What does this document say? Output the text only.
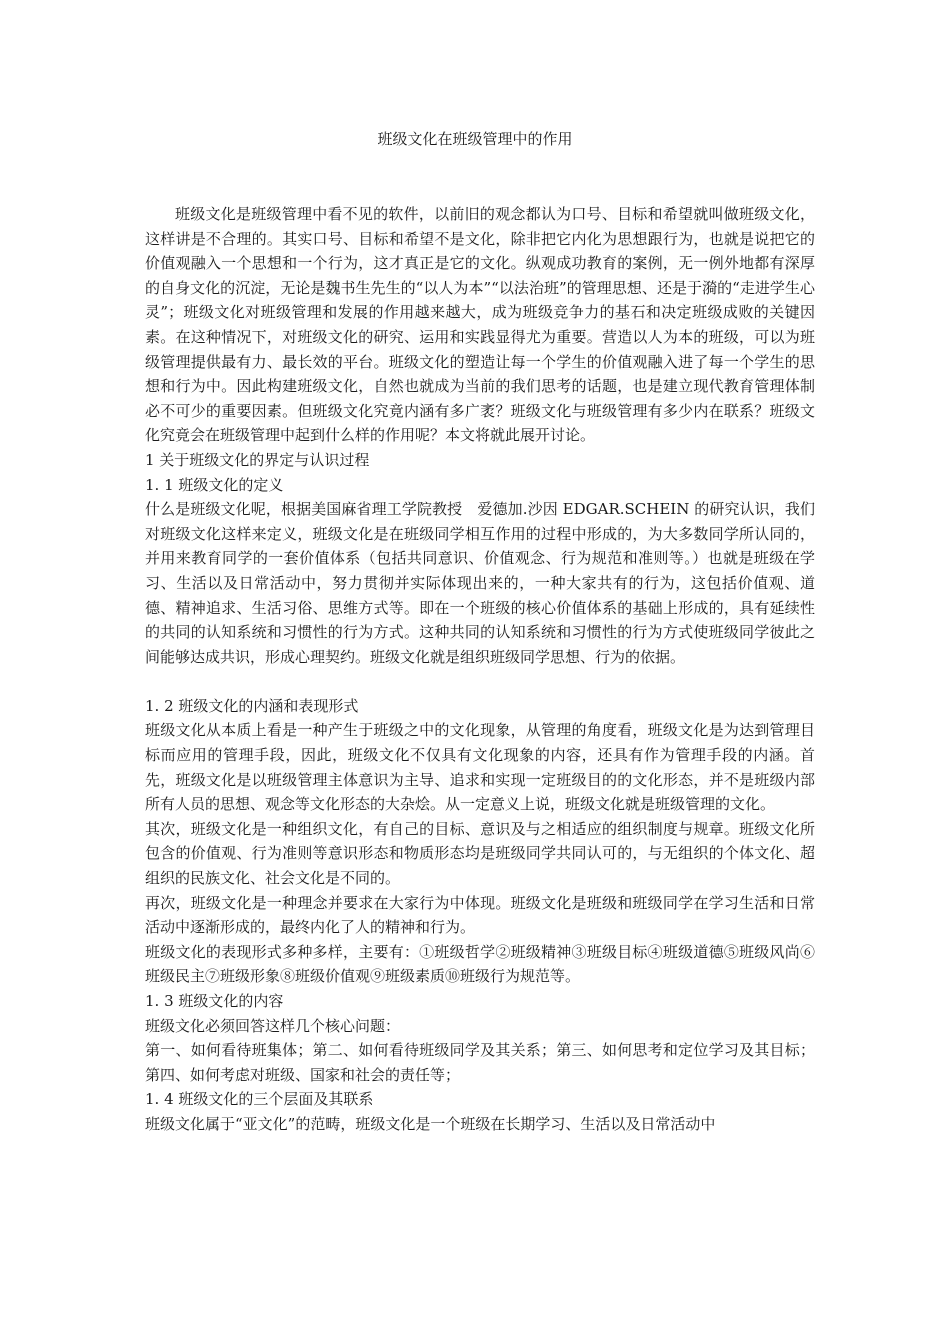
班级文化在班级管理中的作用

班级文化是班级管理中看不见的软件，以前旧的观念都认为口号、目标和希望就叫做班级文化，这样讲是不合理的。其实口号、目标和希望不是文化，除非把它内化为思想跟行为，也就是说把它的价值观融入一个思想和一个行为，这才真正是它的文化。纵观成功教育的案例，无一例外地都有深厚的自身文化的沉淀，无论是魏书生先生的“以人为本”“以法治班”的管理思想、还是于漪的“走进学生心灵”；班级文化对班级管理和发展的作用越来越大，成为班级竞争力的基石和决定班级成败的关键因素。在这种情况下，对班级文化的研究、运用和实践显得尤为重要。营造以人为本的班级，可以为班级管理提供最有力、最长效的平台。班级文化的塑造让每一个学生的价值观融入进了每一个学生的思想和行为中。因此构建班级文化，自然也就成为当前的我们思考的话题，也是建立现代教育管理体制必不可少的重要因素。但班级文化究竟内涵有多广袤？班级文化与班级管理有多少内在联系？班级文化究竟会在班级管理中起到什么样的作用呢？本文将就此展开讨论。

1 关于班级文化的界定与认识过程

1. 1 班级文化的定义

什么是班级文化呢，根据美国麻省理工学院教授　爱德加.沙因 EDGAR.SCHEIN 的研究认识，我们对班级文化这样来定义，班级文化是在班级同学相互作用的过程中形成的，为大多数同学所认同的，并用来教育同学的一套价值体系（包括共同意识、价值观念、行为规范和准则等。）也就是班级在学习、生活以及日常活动中，努力贯彻并实际体现出来的，一种大家共有的行为，这包括价值观、道德、精神追求、生活习俗、思维方式等。即在一个班级的核心价值体系的基础上形成的，具有延续性的共同的认知系统和习惯性的行为方式。这种共同的认知系统和习惯性的行为方式使班级同学彼此之间能够达成共识，形成心理契约。班级文化就是组织班级同学思想、行为的依据。

1. 2 班级文化的内涵和表现形式

班级文化从本质上看是一种产生于班级之中的文化现象，从管理的角度看，班级文化是为达到管理目标而应用的管理手段，因此，班级文化不仅具有文化现象的内容，还具有作为管理手段的内涵。首先，班级文化是以班级管理主体意识为主导、追求和实现一定班级目的的文化形态，并不是班级内部所有人员的思想、观念等文化形态的大杂烩。从一定意义上说，班级文化就是班级管理的文化。

其次，班级文化是一种组织文化，有自己的目标、意识及与之相适应的组织制度与规章。班级文化所包含的价值观、行为准则等意识形态和物质形态均是班级同学共同认可的，与无组织的个体文化、超组织的民族文化、社会文化是不同的。

再次，班级文化是一种理念并要求在大家行为中体现。班级文化是班级和班级同学在学习生活和日常活动中逐渐形成的，最终内化了人的精神和行为。

班级文化的表现形式多种多样，主要有：①班级哲学②班级精神③班级目标④班级道德⑤班级风尚⑥班级民主⑦班级形象⑧班级价值观⑨班级素质⑩班级行为规范等。

1. 3 班级文化的内容

班级文化必须回答这样几个核心问题：

第一、如何看待班集体；第二、如何看待班级同学及其关系；第三、如何思考和定位学习及其目标；第四、如何考虑对班级、国家和社会的责任等；

1. 4 班级文化的三个层面及其联系

班级文化属于“亚文化”的范畴，班级文化是一个班级在长期学习、生活以及日常活动中
